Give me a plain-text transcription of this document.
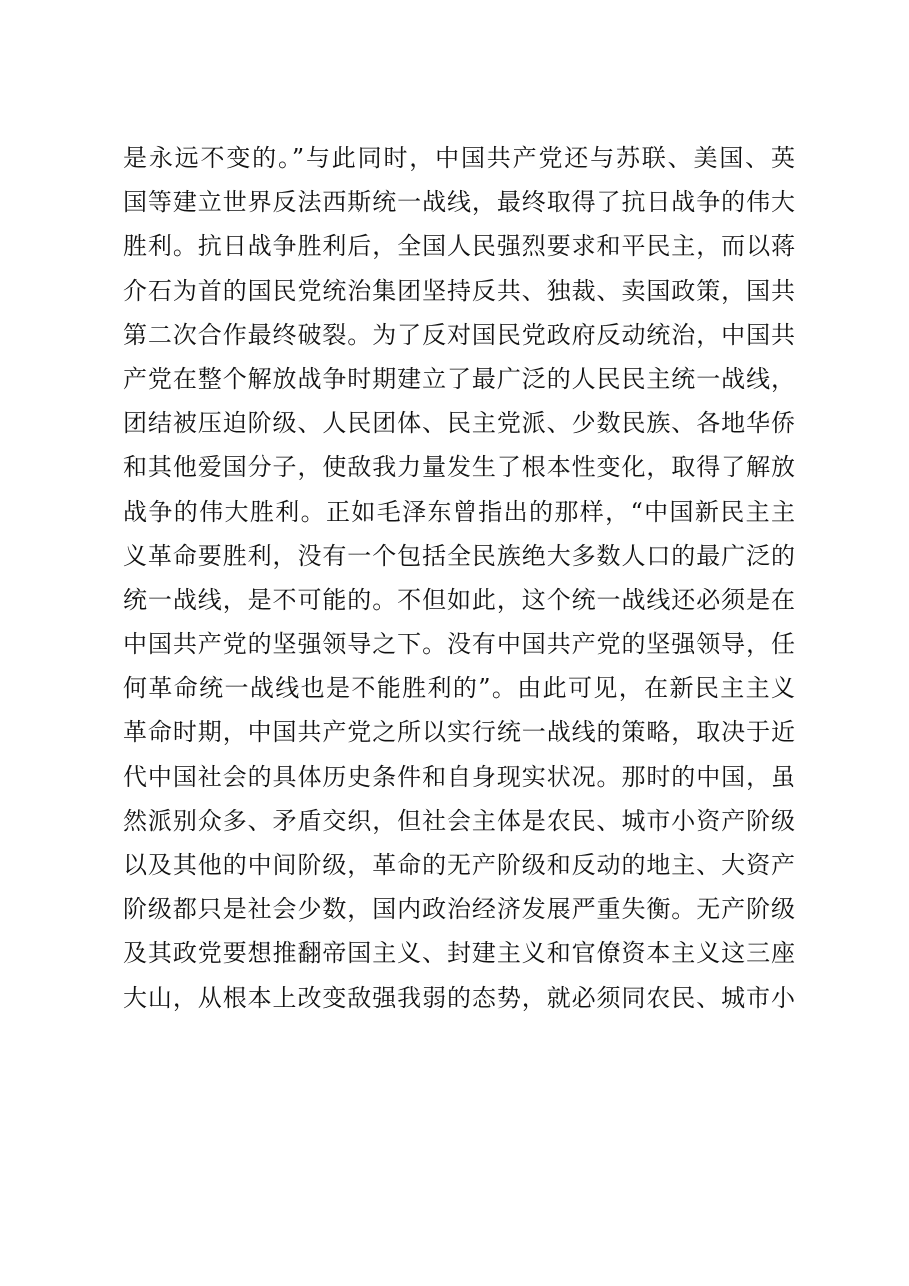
是永远不变的。”与此同时，中国共产党还与苏联、美国、英
国等建立世界反法西斯统一战线，最终取得了抗日战争的伟大
胜利。抗日战争胜利后，全国人民强烈要求和平民主，而以蒋
介石为首的国民党统治集团坚持反共、独裁、卖国政策，国共
第二次合作最终破裂。为了反对国民党政府反动统治，中国共
产党在整个解放战争时期建立了最广泛的人民民主统一战线，
团结被压迫阶级、人民团体、民主党派、少数民族、各地华侨
和其他爱国分子，使敌我力量发生了根本性变化，取得了解放
战争的伟大胜利。正如毛泽东曾指出的那样，“中国新民主主
义革命要胜利，没有一个包括全民族绝大多数人口的最广泛的
统一战线，是不可能的。不但如此，这个统一战线还必须是在
中国共产党的坚强领导之下。没有中国共产党的坚强领导，任
何革命统一战线也是不能胜利的”。由此可见，在新民主主义
革命时期，中国共产党之所以实行统一战线的策略，取决于近
代中国社会的具体历史条件和自身现实状况。那时的中国，虽
然派别众多、矛盾交织，但社会主体是农民、城市小资产阶级
以及其他的中间阶级，革命的无产阶级和反动的地主、大资产
阶级都只是社会少数，国内政治经济发展严重失衡。无产阶级
及其政党要想推翻帝国主义、封建主义和官僚资本主义这三座
大山，从根本上改变敌强我弱的态势，就必须同农民、城市小
